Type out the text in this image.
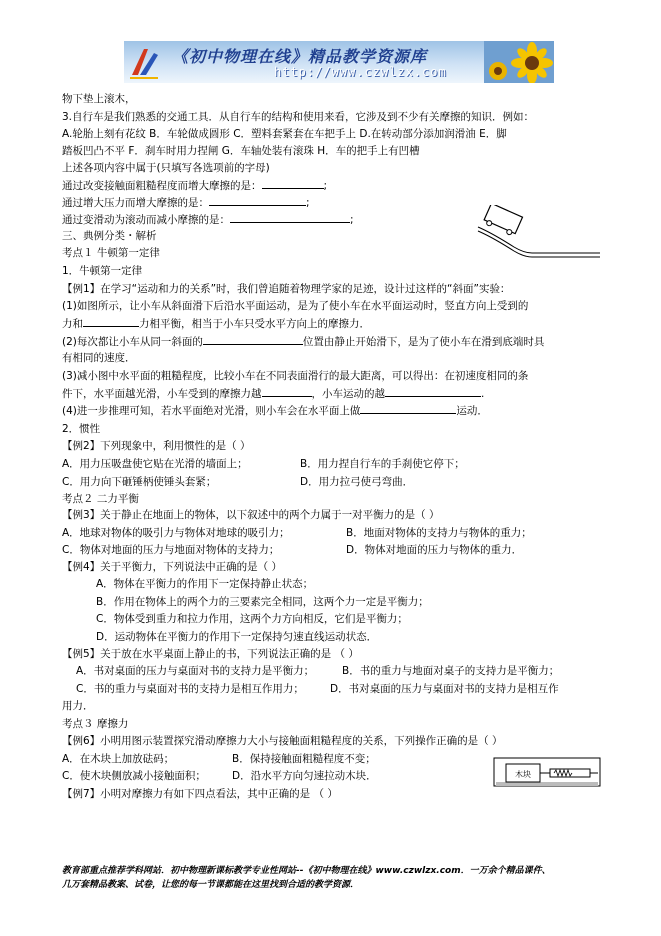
《初中物理在线》精品教学资源库
http://www.czwlzx.com
物下垫上滚木，
3.自行车是我们熟悉的交通工具．从自行车的结构和使用来看，它涉及到不少有关摩擦的知识．例如：
A.轮胎上刻有花纹 B．车轮做成圆形 C．塑料套紧套在车把手上 D.在转动部分添加润滑油 E．脚
踏板凹凸不平 F．刹车时用力捏闸 G．车轴处装有滚珠 H．车的把手上有凹槽
上述各项内容中属于(只填写各选项前的字母)
通过改变接触面粗糙程度而增大摩擦的是：	;
通过增大压力而增大摩擦的是：	;
通过变滑动为滚动而减小摩擦的是：	;
三、典例分类・解析
考点１ 牛顿第一定律
1．牛顿第一定律
【例1】在学习“运动和力的关系”时，我们曾追随着物理学家的足迹，设计过这样的“斜面”实验：
(1)如图所示，让小车从斜面滑下后沿水平面运动，是为了使小车在水平面运动时，竖直方向上受到的
力和	力相平衡，相当于小车只受水平方向上的摩擦力．
(2)每次都让小车从同一斜面的	位置由静止开始滑下，是为了使小车在滑到底端时具
有相同的速度．
(3)减小图中水平面的粗糙程度，比较小车在不同表面滑行的最大距离，可以得出：在初速度相同的条
件下，水平面越光滑，小车受到的摩擦力越	，小车运动的越	.
(4)进一步推理可知，若水平面绝对光滑，则小车会在水平面上做	运动．
2．惯性
【例2】下列现象中，利用惯性的是（ ）
A．用力压吸盘使它贴在光滑的墙面上；	B．用力捏自行车的手刹使它停下；
C．用力向下砸锤柄使锤头套紧；	D．用力拉弓使弓弯曲．
考点２ 二力平衡
【例3】关于静止在地面上的物体，以下叙述中的两个力属于一对平衡力的是（ ）
A．地球对物体的吸引力与物体对地球的吸引力；	B．地面对物体的支持力与物体的重力；
C．物体对地面的压力与地面对物体的支持力；	D．物体对地面的压力与物体的重力．
【例4】关于平衡力，下列说法中正确的是（ ）
A．物体在平衡力的作用下一定保持静止状态；
B．作用在物体上的两个力的三要素完全相同，这两个力一定是平衡力；
C．物体受到重力和拉力作用，这两个力方向相反，它们是平衡力；
D．运动物体在平衡力的作用下一定保持匀速直线运动状态．
【例5】关于放在水平桌面上静止的书，下列说法正确的是 （ ）
A．书对桌面的压力与桌面对书的支持力是平衡力；	B．书的重力与地面对桌子的支持力是平衡力；
C．书的重力与桌面对书的支持力是相互作用力； D．书对桌面的压力与桌面对书的支持力是相互作
用力．
考点３ 摩擦力
【例6】小明用图示装置探究滑动摩擦力大小与接触面粗糙程度的关系，下列操作正确的是（ ）
A．在木块上加放砝码；	B．保持接触面粗糙程度不变；
C．使木块侧放减小接触面积； D．沿水平方向匀速拉动木块．	木块
【例7】小明对摩擦力有如下四点看法，其中正确的是 （ ）
教育部重点推荐学科网站．初中物理新课标教学专业性网站--《初中物理在线》www.czwlzx.com．一万余个精品课件、
几万套精品教案、试卷，让您的每一节课都能在这里找到合适的教学资源．
